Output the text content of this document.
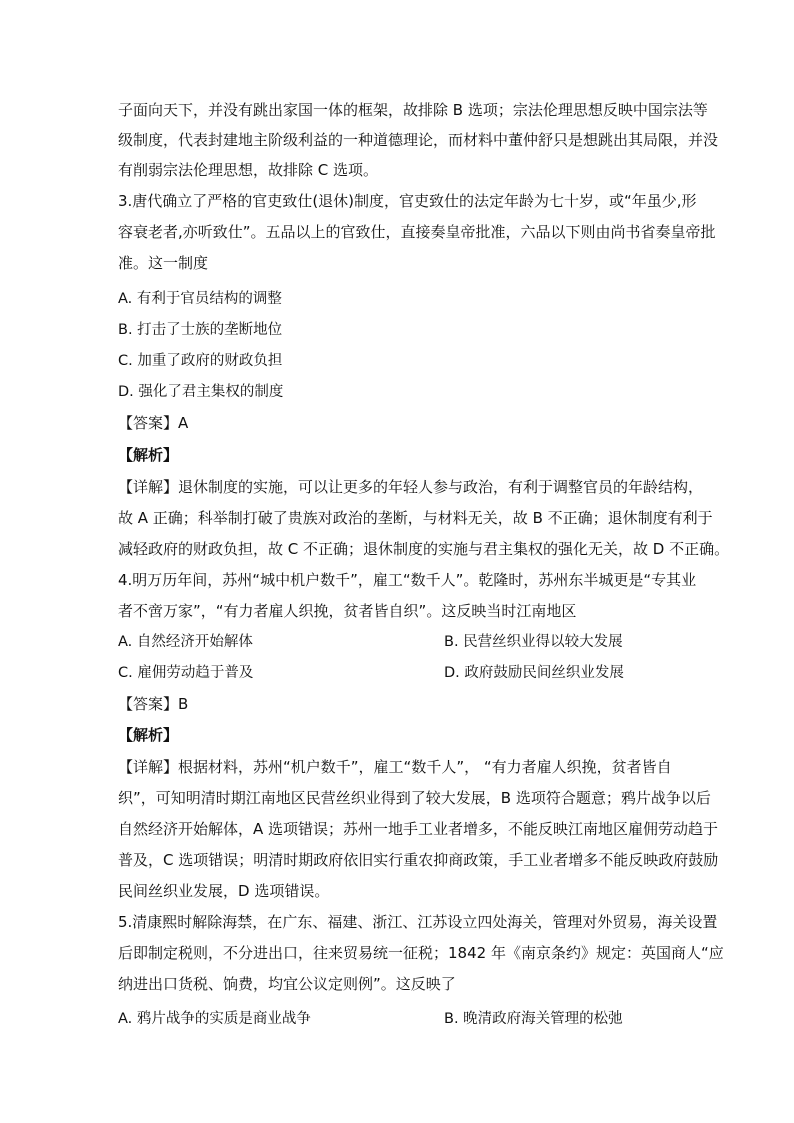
子面向天下，并没有跳出家国一体的框架，故排除 B 选项；宗法伦理思想反映中国宗法等
级制度，代表封建地主阶级利益的一种道德理论，而材料中董仲舒只是想跳出其局限，并没
有削弱宗法伦理思想，故排除 C 选项。
3.唐代确立了严格的官吏致仕(退休)制度，官吏致仕的法定年龄为七十岁，或“年虽少,形
容衰老者,亦听致仕”。五品以上的官致仕，直接奏皇帝批准，六品以下则由尚书省奏皇帝批
准。这一制度
A. 有利于官员结构的调整
B. 打击了士族的垄断地位
C. 加重了政府的财政负担
D. 强化了君主集权的制度
【答案】A
【解析】
【详解】退休制度的实施，可以让更多的年轻人参与政治，有利于调整官员的年龄结构，
故 A 正确；科举制打破了贵族对政治的垄断，与材料无关，故 B 不正确；退休制度有利于
减轻政府的财政负担，故 C 不正确；退休制度的实施与君主集权的强化无关，故 D 不正确。
4.明万历年间，苏州“城中机户数千”，雇工“数千人”。乾隆时，苏州东半城更是“专其业
者不啻万家”，“有力者雇人织挽，贫者皆自织”。这反映当时江南地区
A. 自然经济开始解体	B. 民营丝织业得以较大发展
C. 雇佣劳动趋于普及	D. 政府鼓励民间丝织业发展
【答案】B
【解析】
【详解】根据材料，苏州“机户数千”，雇工“数千人”， “有力者雇人织挽，贫者皆自
织”，可知明清时期江南地区民营丝织业得到了较大发展，B 选项符合题意；鸦片战争以后
自然经济开始解体，A 选项错误；苏州一地手工业者增多，不能反映江南地区雇佣劳动趋于
普及，C 选项错误；明清时期政府依旧实行重农抑商政策，手工业者增多不能反映政府鼓励
民间丝织业发展，D 选项错误。
5.清康熙时解除海禁，在广东、福建、浙江、江苏设立四处海关，管理对外贸易，海关设置
后即制定税则，不分进出口，往来贸易统一征税；1842 年《南京条约》规定：英国商人“应
纳进出口货税、饷费，均宜公议定则例”。这反映了
A. 鸦片战争的实质是商业战争	B. 晚清政府海关管理的松弛
